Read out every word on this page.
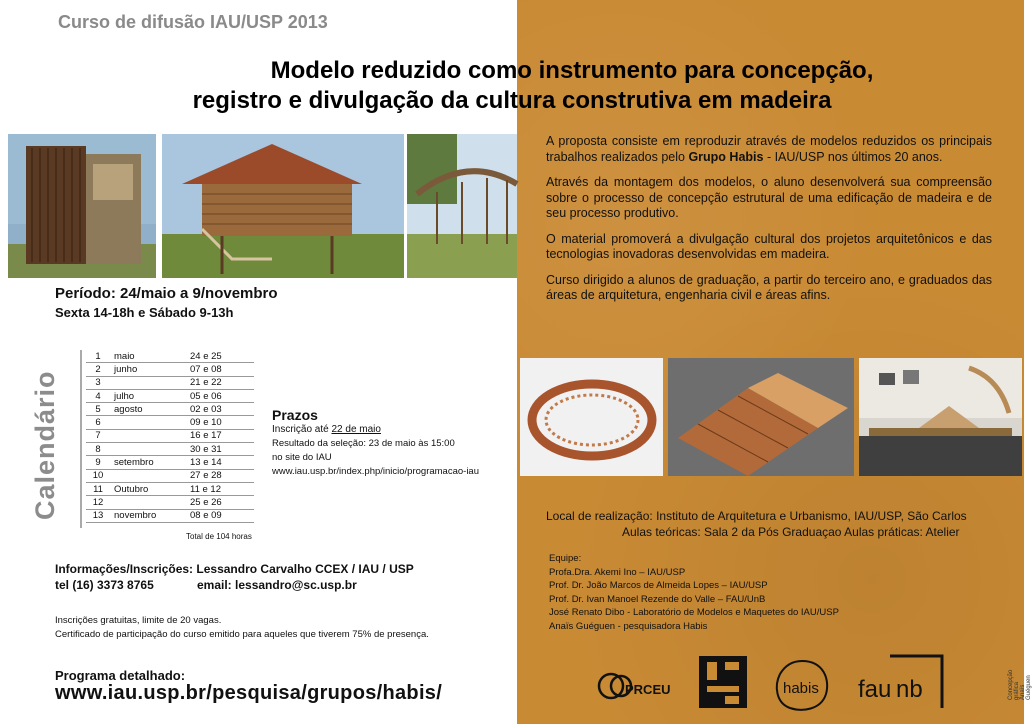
Curso de difusão IAU/USP 2013
Modelo reduzido como instrumento para concepção,
registro e divulgação da cultura construtiva em madeira

A proposta consiste em reproduzir através de modelos reduzidos os principais trabalhos realizados pelo Grupo Habis - IAU/USP nos últimos 20 anos.

Através da montagem dos modelos, o aluno desenvolverá sua compreensão sobre o processo de concepção estrutural de uma edificação de madeira e de seu processo produtivo.

O material promoverá a divulgação cultural dos projetos arquitetônicos e das tecnologias inovadoras desenvolvidas em madeira.

Curso dirigido a alunos de graduação, a partir do terceiro ano, e graduados das áreas de arquitetura, engenharia civil e áreas afins.

Período: 24/maio a 9/novembro
Sexta 14-18h e Sábado 9-13h
Calendário
1	maio	24 e 25
2	junho	07 e 08
3		21 e 22
4	julho	05 e 06
5	agosto	02 e 03
6		09 e 10
7		16 e 17
8		30 e 31
9	setembro	13 e 14
10		27 e 28
11	Outubro	11 e 12
12		25 e 26
13	novembro	08 e 09
Total de 104 horas
Prazos
Inscrição até 22 de maio
Resultado da seleção: 23 de maio às 15:00
no site do IAU
www.iau.usp.br/index.php/inicio/programacao-iau
Informações/Inscrições: Lessandro Carvalho CCEX / IAU / USP
tel (16) 3373 8765	email: lessandro@sc.usp.br
Inscrições gratuitas, limite de 20 vagas.
Certificado de participação do curso emitido para aqueles que tiverem 75% de presença.
Programa detalhado:
www.iau.usp.br/pesquisa/grupos/habis/
Local de realização: Instituto de Arquitetura e Urbanismo, IAU/USP, São Carlos
Aulas teóricas: Sala 2 da Pós Graduaçao Aulas práticas: Atelier
Equipe:
Profa.Dra. Akemi Ino – IAU/USP
Prof. Dr. João Marcos de Almeida Lopes – IAU/USP
Prof. Dr. Ivan Manoel Rezende do Valle – FAU/UnB
José Renato Dibo - Laboratório de Modelos e Maquetes do IAU/USP
Anaïs Guéguen - pesquisadora Habis
PRCEU	habis fau nb	Concepção gráfica Anaïs Guéguen
